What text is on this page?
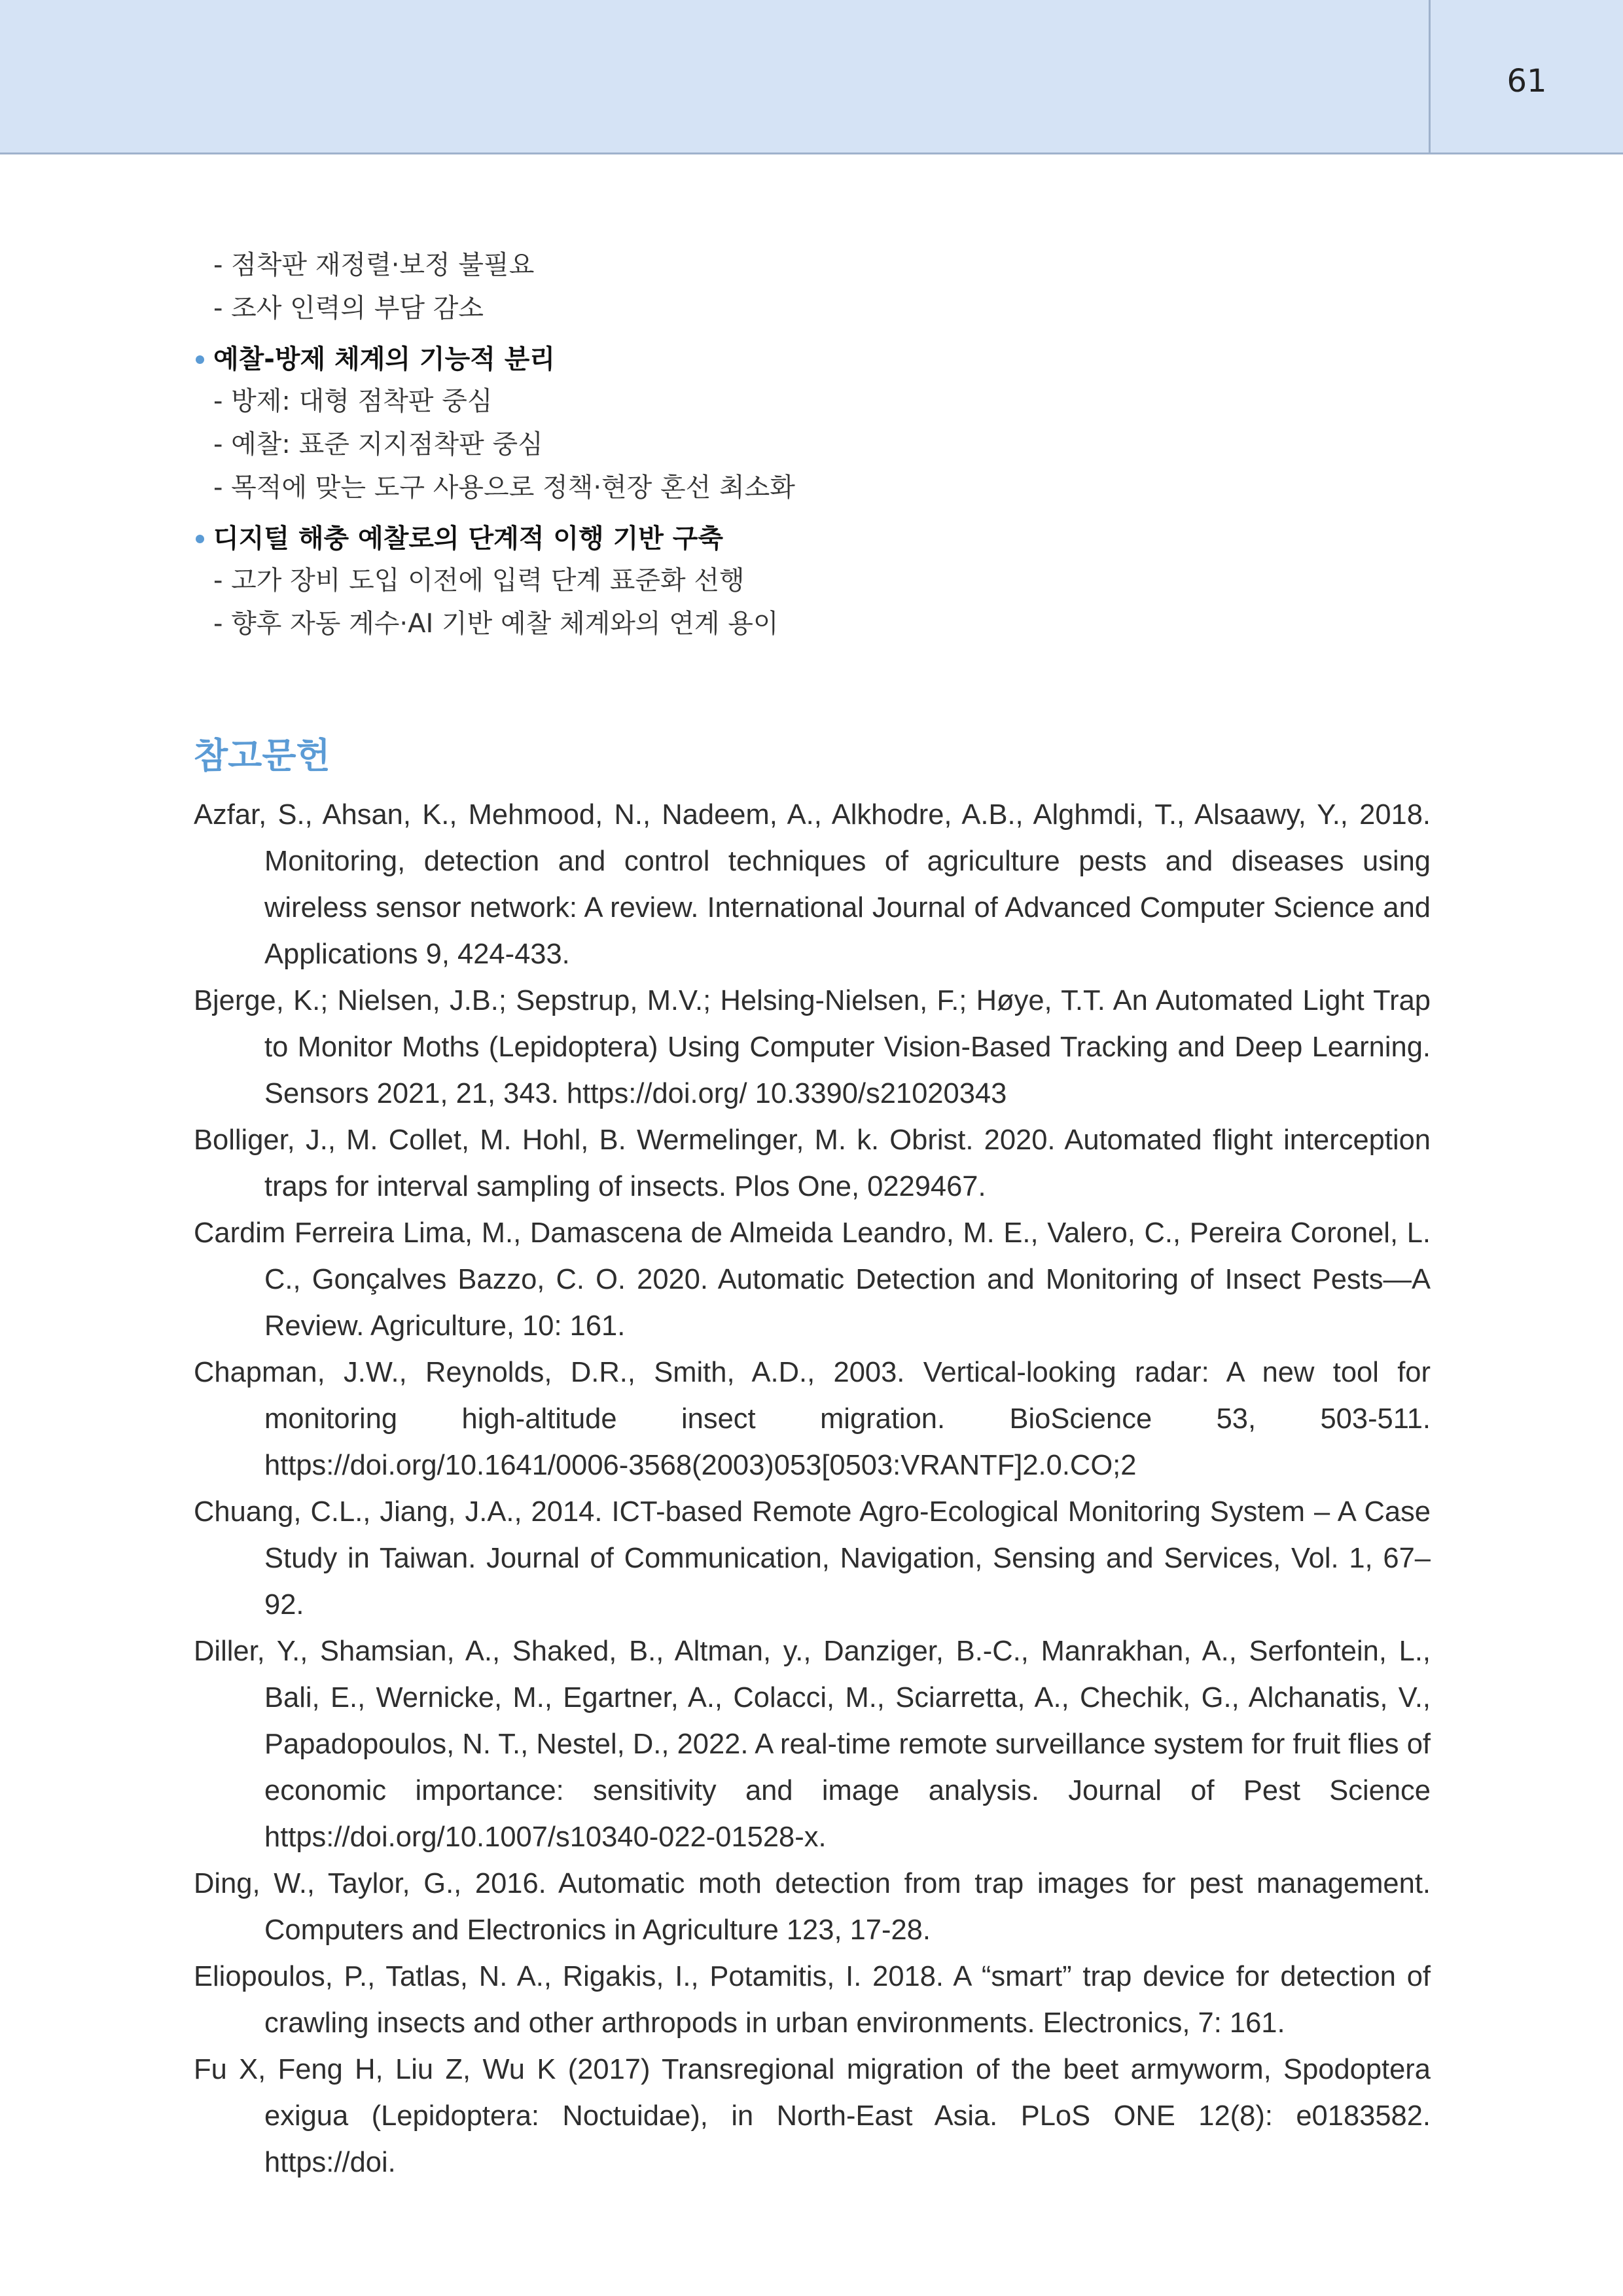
61
- 점착판 재정렬·보정 불필요
- 조사 인력의 부담 감소
예찰-방제 체계의 기능적 분리
- 방제: 대형 점착판 중심
- 예찰: 표준 지지점착판 중심
- 목적에 맞는 도구 사용으로 정책·현장 혼선 최소화
디지털 해충 예찰로의 단계적 이행 기반 구축
- 고가 장비 도입 이전에 입력 단계 표준화 선행
- 향후 자동 계수·AI 기반 예찰 체계와의 연계 용이
참고문헌
Azfar, S., Ahsan, K., Mehmood, N., Nadeem, A., Alkhodre, A.B., Alghmdi, T., Alsaawy, Y., 2018. Monitoring, detection and control techniques of agriculture pests and diseases using wireless sensor network: A review. International Journal of Advanced Computer Science and Applications 9, 424-433.
Bjerge, K.; Nielsen, J.B.; Sepstrup, M.V.; Helsing-Nielsen, F.; Høye, T.T. An Automated Light Trap to Monitor Moths (Lepidoptera) Using Computer Vision-Based Tracking and Deep Learning. Sensors 2021, 21, 343. https://doi.org/ 10.3390/s21020343
Bolliger, J., M. Collet, M. Hohl, B. Wermelinger, M. k. Obrist. 2020. Automated flight interception traps for interval sampling of insects. Plos One, 0229467.
Cardim Ferreira Lima, M., Damascena de Almeida Leandro, M. E., Valero, C., Pereira Coronel, L. C., Gonçalves Bazzo, C. O. 2020. Automatic Detection and Monitoring of Insect Pests—A Review. Agriculture, 10: 161.
Chapman, J.W., Reynolds, D.R., Smith, A.D., 2003. Vertical-looking radar: A new tool for monitoring high-altitude insect migration. BioScience 53, 503-511. https://doi.org/10.1641/0006-3568(2003)053[0503:VRANTF]2.0.CO;2
Chuang, C.L., Jiang, J.A., 2014. ICT-based Remote Agro-Ecological Monitoring System – A Case Study in Taiwan. Journal of Communication, Navigation, Sensing and Services, Vol. 1, 67–92.
Diller, Y., Shamsian, A., Shaked, B., Altman, y., Danziger, B.-C., Manrakhan, A., Serfontein, L., Bali, E., Wernicke, M., Egartner, A., Colacci, M., Sciarretta, A., Chechik, G., Alchanatis, V., Papadopoulos, N. T., Nestel, D., 2022. A real-time remote surveillance system for fruit flies of economic importance: sensitivity and image analysis. Journal of Pest Science https://doi.org/10.1007/s10340-022-01528-x.
Ding, W., Taylor, G., 2016. Automatic moth detection from trap images for pest management. Computers and Electronics in Agriculture 123, 17-28.
Eliopoulos, P., Tatlas, N. A., Rigakis, I., Potamitis, I. 2018. A “smart” trap device for detection of crawling insects and other arthropods in urban environments. Electronics, 7: 161.
Fu X, Feng H, Liu Z, Wu K (2017) Transregional migration of the beet armyworm, Spodoptera exigua (Lepidoptera: Noctuidae), in North-East Asia. PLoS ONE 12(8): e0183582. https://doi.
